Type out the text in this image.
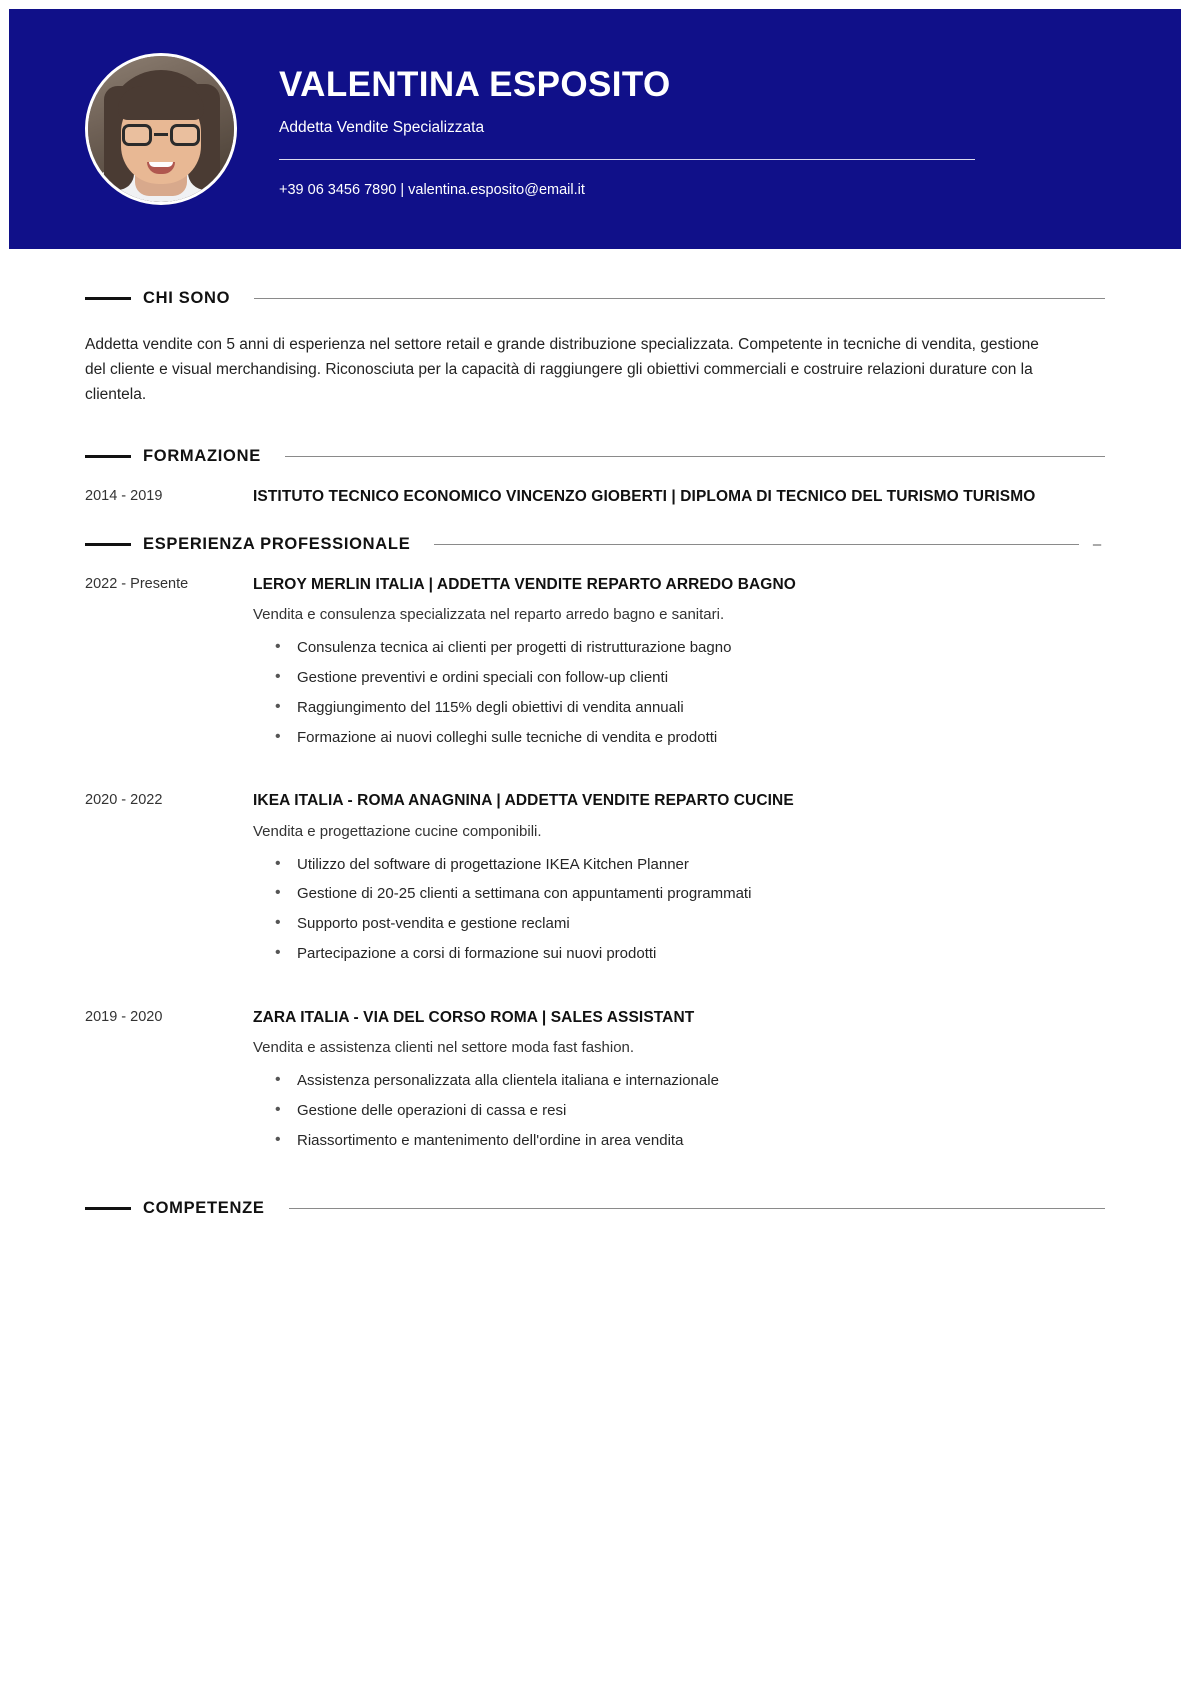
VALENTINA ESPOSITO
Addetta Vendite Specializzata
+39 06 3456 7890 | valentina.esposito@email.it
CHI SONO

Addetta vendite con 5 anni di esperienza nel settore retail e grande distribuzione specializzata. Competente in tecniche di vendita, gestione del cliente e visual merchandising. Riconosciuta per la capacità di raggiungere gli obiettivi commerciali e costruire relazioni durature con la clientela.

FORMAZIONE
2014 - 2019	ISTITUTO TECNICO ECONOMICO VINCENZO GIOBERTI | DIPLOMA DI TECNICO DEL TURISMO TURISMO
ESPERIENZA PROFESSIONALE	–
2022 - Presente	LEROY MERLIN ITALIA | ADDETTA VENDITE REPARTO ARREDO BAGNO
Vendita e consulenza specializzata nel reparto arredo bagno e sanitari.
• Consulenza tecnica ai clienti per progetti di ristrutturazione bagno
• Gestione preventivi e ordini speciali con follow-up clienti
• Raggiungimento del 115% degli obiettivi di vendita annuali
• Formazione ai nuovi colleghi sulle tecniche di vendita e prodotti
2020 - 2022	IKEA ITALIA - ROMA ANAGNINA | ADDETTA VENDITE REPARTO CUCINE
Vendita e progettazione cucine componibili.
• Utilizzo del software di progettazione IKEA Kitchen Planner
• Gestione di 20-25 clienti a settimana con appuntamenti programmati
• Supporto post-vendita e gestione reclami
• Partecipazione a corsi di formazione sui nuovi prodotti
2019 - 2020	ZARA ITALIA - VIA DEL CORSO ROMA | SALES ASSISTANT
Vendita e assistenza clienti nel settore moda fast fashion.
• Assistenza personalizzata alla clientela italiana e internazionale
• Gestione delle operazioni di cassa e resi
• Riassortimento e mantenimento dell'ordine in area vendita
COMPETENZE
